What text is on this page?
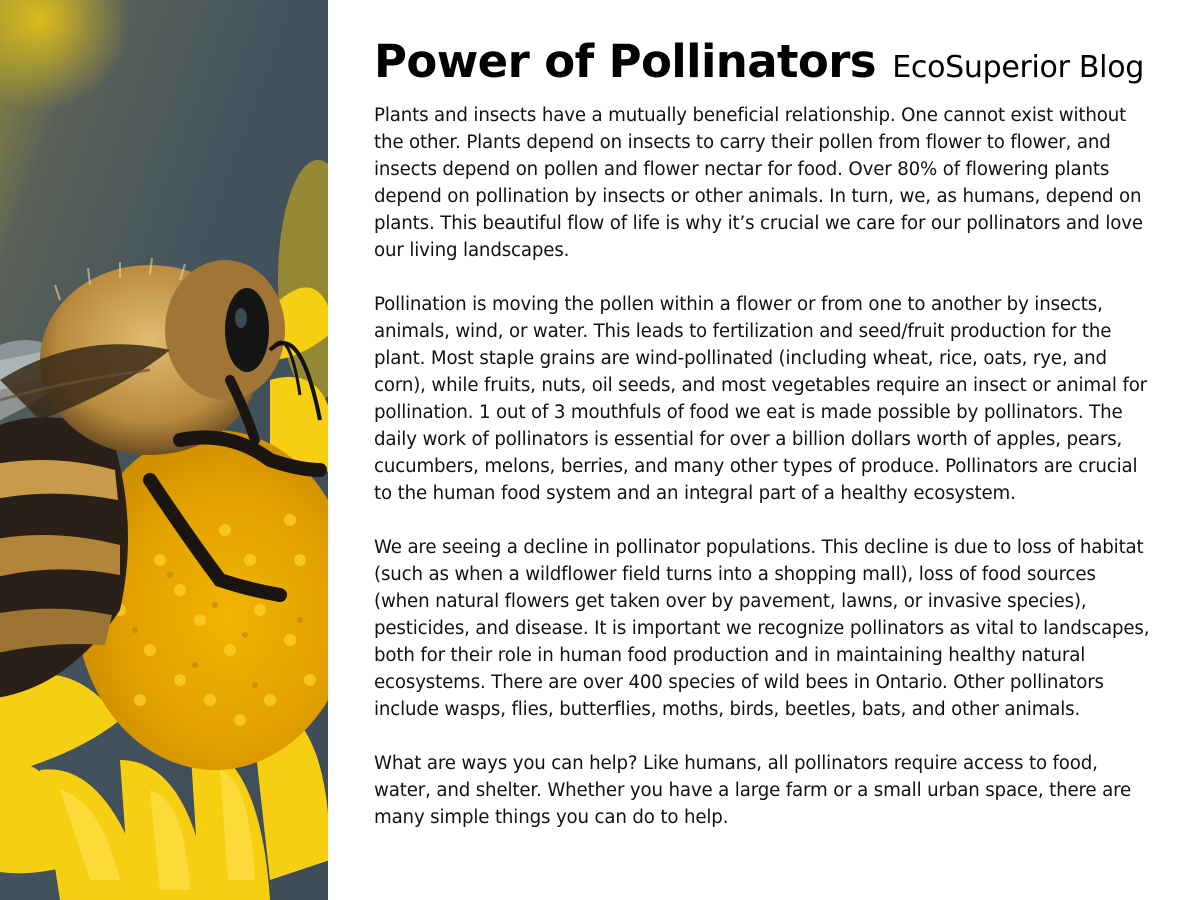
Power of Pollinators EcoSuperior Blog

Plants and insects have a mutually beneficial relationship. One cannot exist without the other. Plants depend on insects to carry their pollen from flower to flower, and insects depend on pollen and flower nectar for food. Over 80% of flowering plants depend on pollination by insects or other animals. In turn, we, as humans, depend on plants. This beautiful flow of life is why it’s crucial we care for our pollinators and love our living landscapes.

Pollination is moving the pollen within a flower or from one to another by insects, animals, wind, or water. This leads to fertilization and seed/fruit production for the plant. Most staple grains are wind-pollinated (including wheat, rice, oats, rye, and corn), while fruits, nuts, oil seeds, and most vegetables require an insect or animal for pollination. 1 out of 3 mouthfuls of food we eat is made possible by pollinators. The daily work of pollinators is essential for over a billion dollars worth of apples, pears, cucumbers, melons, berries, and many other types of produce. Pollinators are crucial to the human food system and an integral part of a healthy ecosystem.

We are seeing a decline in pollinator populations. This decline is due to loss of habitat (such as when a wildflower field turns into a shopping mall), loss of food sources (when natural flowers get taken over by pavement, lawns, or invasive species), pesticides, and disease. It is important we recognize pollinators as vital to landscapes, both for their role in human food production and in maintaining healthy natural ecosystems. There are over 400 species of wild bees in Ontario. Other pollinators include wasps, flies, butterflies, moths, birds, beetles, bats, and other animals.

What are ways you can help? Like humans, all pollinators require access to food, water, and shelter. Whether you have a large farm or a small urban space, there are many simple things you can do to help.
